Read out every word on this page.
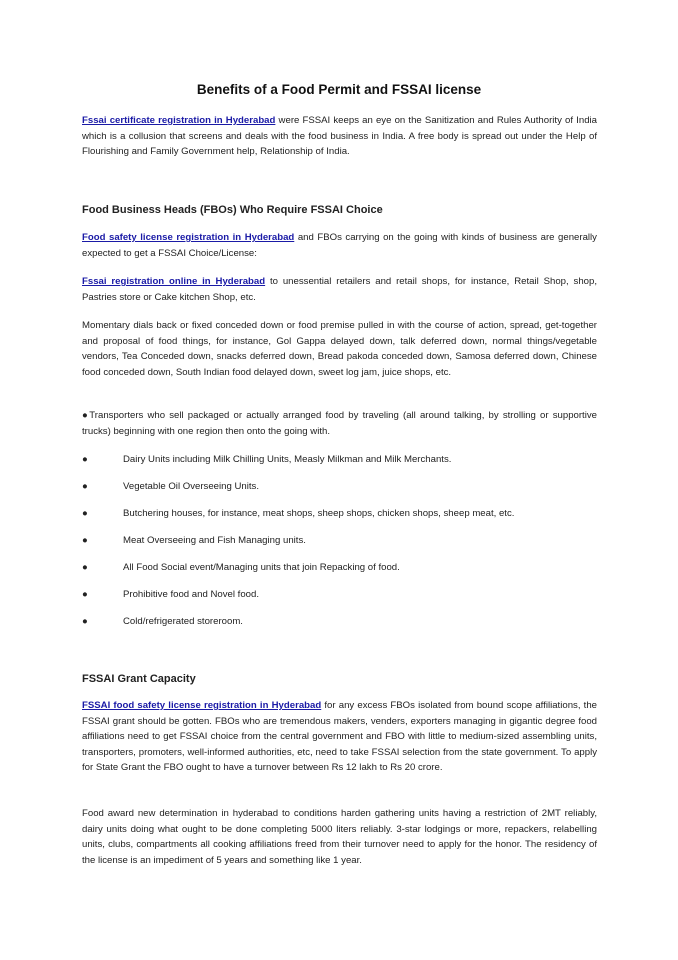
Benefits of a Food Permit and FSSAI license

Fssai certificate registration in Hyderabad were FSSAI keeps an eye on the Sanitization and Rules Authority of India which is a collusion that screens and deals with the food business in India. A free body is spread out under the Help of Flourishing and Family Government help, Relationship of India.

Food Business Heads (FBOs) Who Require FSSAI Choice

Food safety license registration in Hyderabad and FBOs carrying on the going with kinds of business are generally expected to get a FSSAI Choice/License:

Fssai registration online in Hyderabad to unessential retailers and retail shops, for instance, Retail Shop, shop, Pastries store or Cake kitchen Shop, etc.

Momentary dials back or fixed conceded down or food premise pulled in with the course of action, spread, get-together and proposal of food things, for instance, Gol Gappa delayed down, talk deferred down, normal things/vegetable vendors, Tea Conceded down, snacks deferred down, Bread pakoda conceded down, Samosa deferred down, Chinese food conceded down, South Indian food delayed down, sweet log jam, juice shops, etc.

●Transporters who sell packaged or actually arranged food by traveling (all around talking, by strolling or supportive trucks) beginning with one region then onto the going with.

●	Dairy Units including Milk Chilling Units, Measly Milkman and Milk Merchants.
●	Vegetable Oil Overseeing Units.
●	Butchering houses, for instance, meat shops, sheep shops, chicken shops, sheep meat, etc.
●	Meat Overseeing and Fish Managing units.
●	All Food Social event/Managing units that join Repacking of food.
●	Prohibitive food and Novel food.
●	Cold/refrigerated storeroom.
FSSAI Grant Capacity

FSSAI food safety license registration in Hyderabad for any excess FBOs isolated from bound scope affiliations, the FSSAI grant should be gotten. FBOs who are tremendous makers, venders, exporters managing in gigantic degree food affiliations need to get FSSAI choice from the central government and FBO with little to medium-sized assembling units, transporters, promoters, well-informed authorities, etc, need to take FSSAI selection from the state government. To apply for State Grant the FBO ought to have a turnover between Rs 12 lakh to Rs 20 crore.

Food award new determination in hyderabad to conditions harden gathering units having a restriction of 2MT reliably, dairy units doing what ought to be done completing 5000 liters reliably. 3-star lodgings or more, repackers, relabelling units, clubs, compartments all cooking affiliations freed from their turnover need to apply for the honor. The residency of the license is an impediment of 5 years and something like 1 year.
